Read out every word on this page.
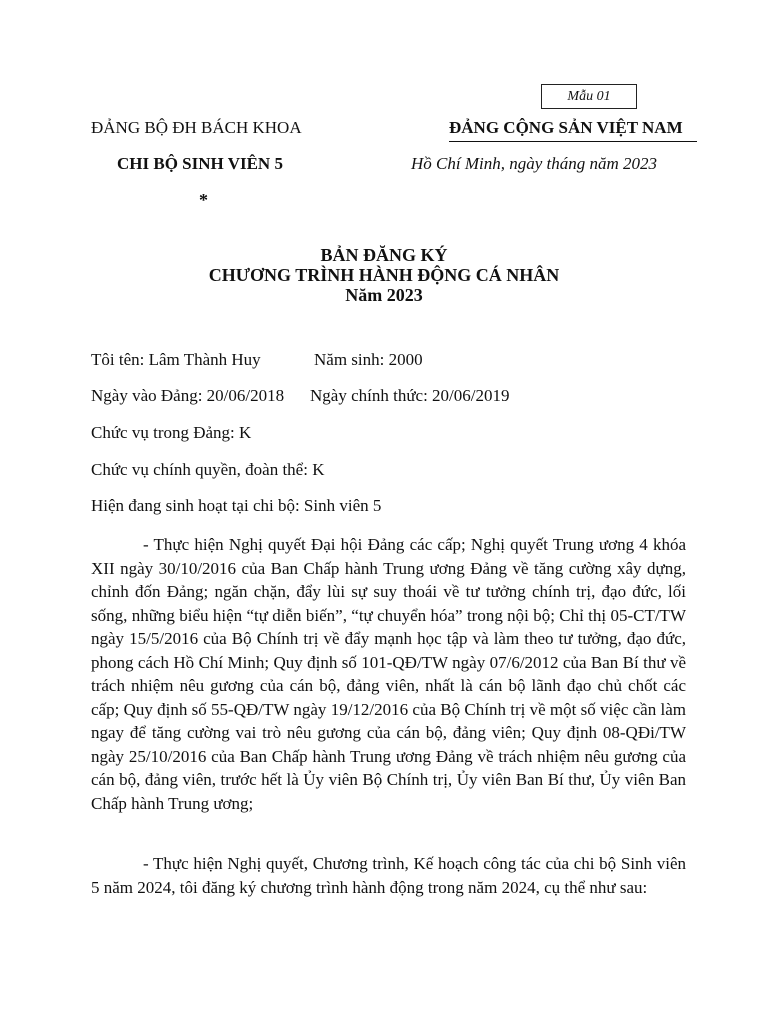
Mẫu 01
ĐẢNG BỘ ĐH BÁCH KHOA	ĐẢNG CỘNG SẢN VIỆT NAM
CHI BỘ SINH VIÊN 5	Hồ Chí Minh, ngày tháng năm 2023
*
BẢN ĐĂNG KÝ
CHƯƠNG TRÌNH HÀNH ĐỘNG CÁ NHÂN
Năm 2023
Tôi tên: Lâm Thành Huy	Năm sinh: 2000
Ngày vào Đảng: 20/06/2018 Ngày chính thức: 20/06/2019
Chức vụ trong Đảng: K
Chức vụ chính quyền, đoàn thể: K
Hiện đang sinh hoạt tại chi bộ: Sinh viên 5
- Thực hiện Nghị quyết Đại hội Đảng các cấp; Nghị quyết Trung ương 4 khóa XII ngày 30/10/2016 của Ban Chấp hành Trung ương Đảng về tăng cường xây dựng, chỉnh đốn Đảng; ngăn chặn, đẩy lùi sự suy thoái về tư tưởng chính trị, đạo đức, lối sống, những biểu hiện “tự diễn biến”, “tự chuyển hóa” trong nội bộ; Chỉ thị 05-CT/TW ngày 15/5/2016 của Bộ Chính trị về đẩy mạnh học tập và làm theo tư tưởng, đạo đức, phong cách Hồ Chí Minh; Quy định số 101-QĐ/TW ngày 07/6/2012 của Ban Bí thư về trách nhiệm nêu gương của cán bộ, đảng viên, nhất là cán bộ lãnh đạo chủ chốt các cấp; Quy định số 55-QĐ/TW ngày 19/12/2016 của Bộ Chính trị về một số việc cần làm ngay để tăng cường vai trò nêu gương của cán bộ, đảng viên; Quy định 08-QĐi/TW ngày 25/10/2016 của Ban Chấp hành Trung ương Đảng về trách nhiệm nêu gương của cán bộ, đảng viên, trước hết là Ủy viên Bộ Chính trị, Ủy viên Ban Bí thư, Ủy viên Ban Chấp hành Trung ương;
- Thực hiện Nghị quyết, Chương trình, Kế hoạch công tác của chi bộ Sinh viên 5 năm 2024, tôi đăng ký chương trình hành động trong năm 2024, cụ thể như sau:
